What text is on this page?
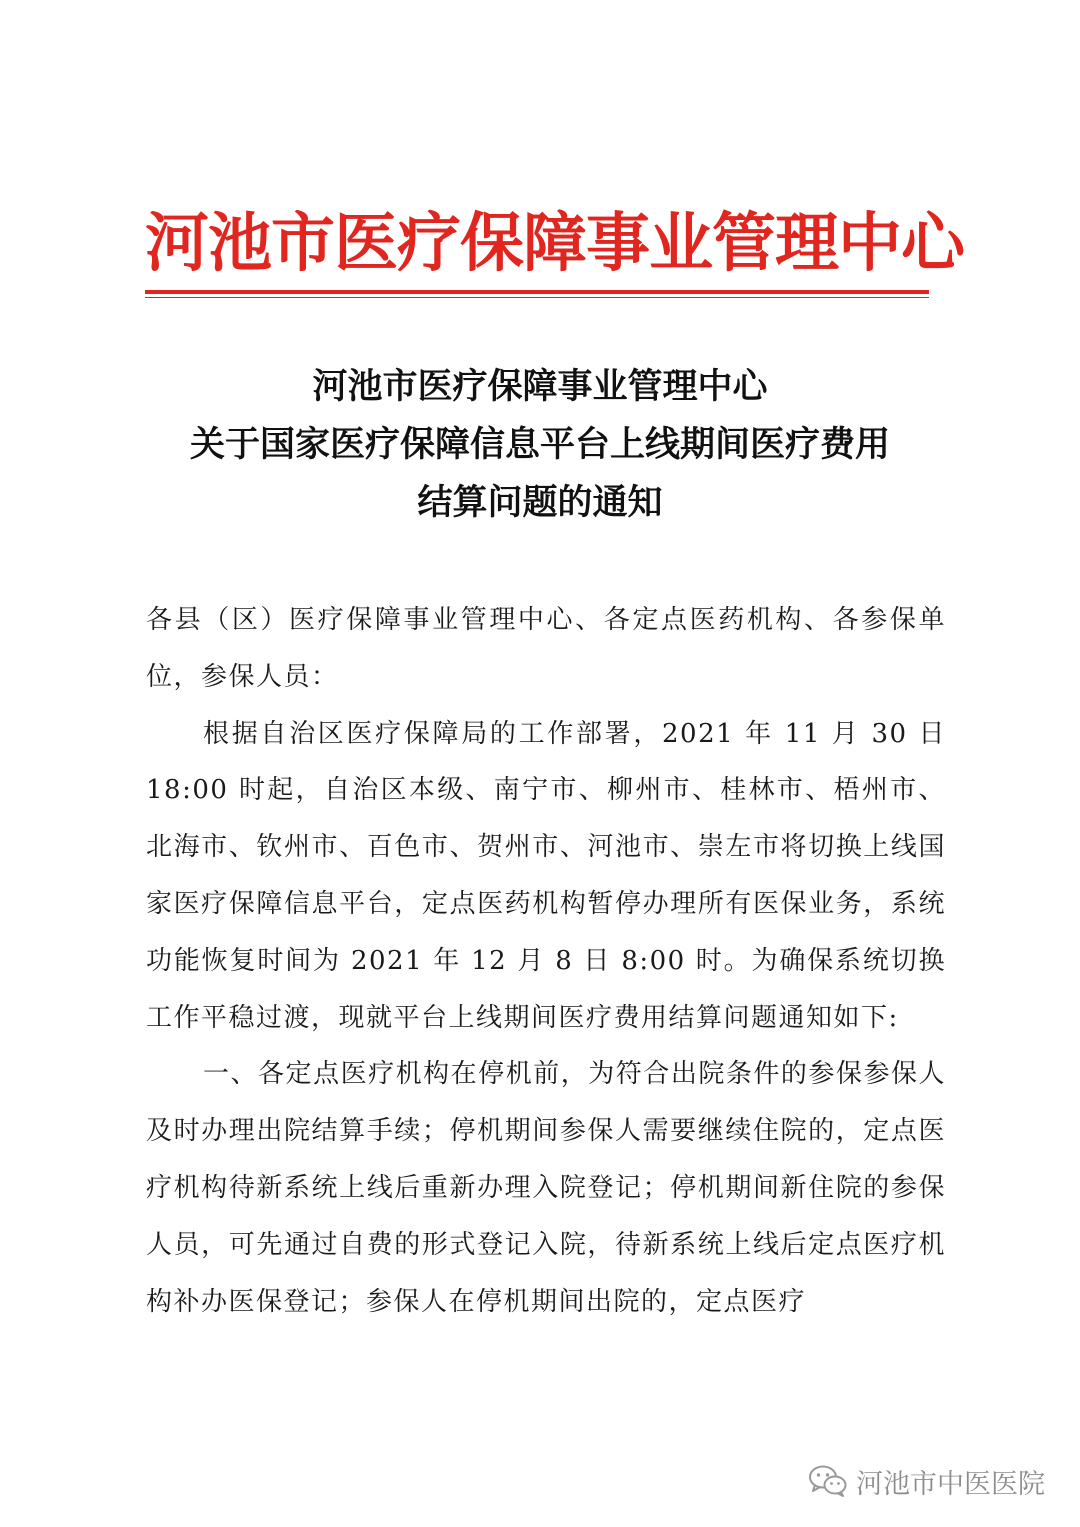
河池市医疗保障事业管理中心
河池市医疗保障事业管理中心
关于国家医疗保障信息平台上线期间医疗费用
结算问题的通知

各县（区）医疗保障事业管理中心、各定点医药机构、各参保单位，参保人员：

根据自治区医疗保障局的工作部署，2021 年 11 月 30 日 18:00 时起，自治区本级、南宁市、柳州市、桂林市、梧州市、北海市、钦州市、百色市、贺州市、河池市、崇左市将切换上线国家医疗保障信息平台，定点医药机构暂停办理所有医保业务，系统功能恢复时间为 2021 年 12 月 8 日 8:00 时。为确保系统切换工作平稳过渡，现就平台上线期间医疗费用结算问题通知如下:

一、各定点医疗机构在停机前，为符合出院条件的参保参保人及时办理出院结算手续；停机期间参保人需要继续住院的，定点医疗机构待新系统上线后重新办理入院登记；停机期间新住院的参保人员，可先通过自费的形式登记入院，待新系统上线后定点医疗机构补办医保登记；参保人在停机期间出院的，定点医疗

河池市中医医院
